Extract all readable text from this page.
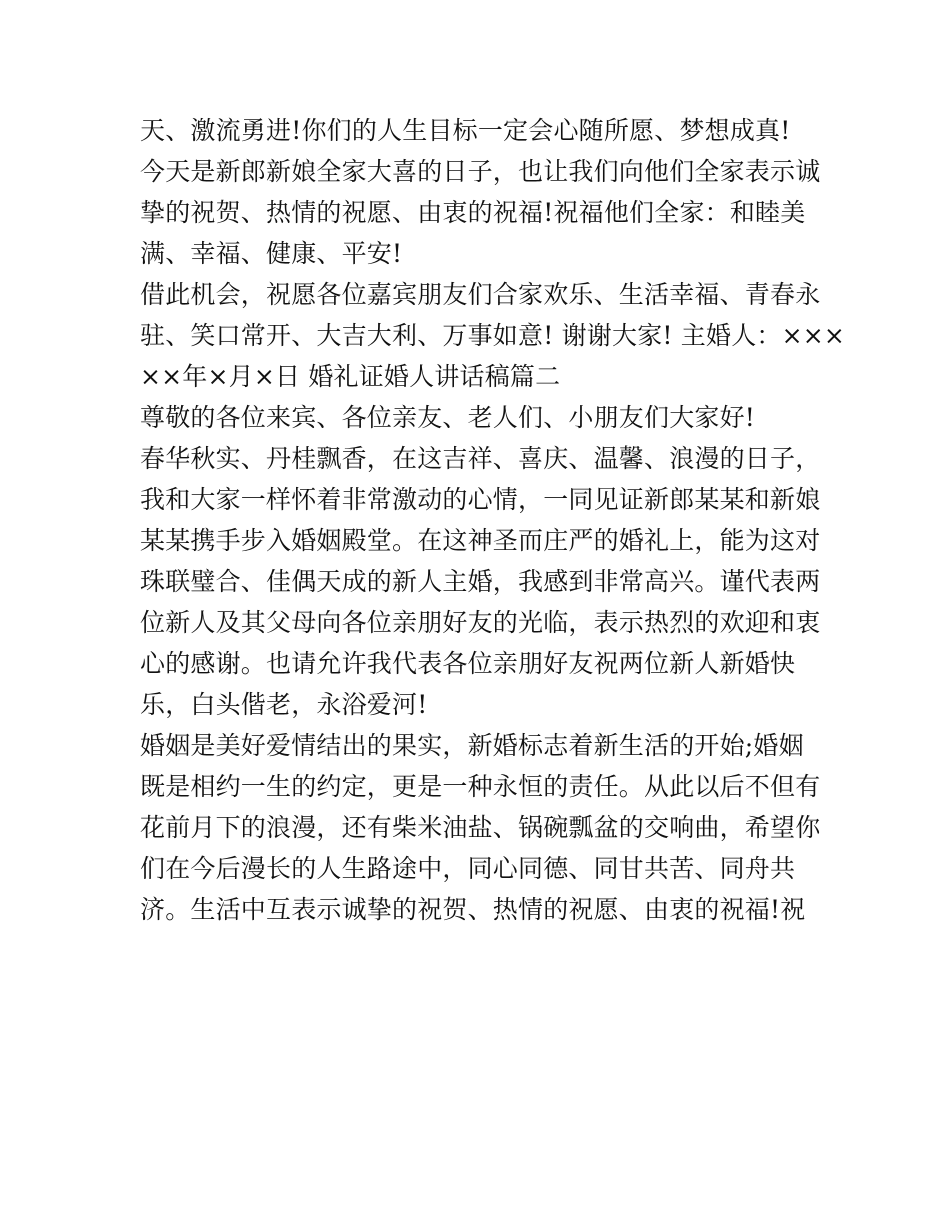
天、激流勇进!你们的人生目标一定会心随所愿、梦想成真!
今天是新郎新娘全家大喜的日子，也让我们向他们全家表示诚
挚的祝贺、热情的祝愿、由衷的祝福!祝福他们全家：和睦美
满、幸福、健康、平安!
借此机会，祝愿各位嘉宾朋友们合家欢乐、生活幸福、青春永
驻、笑口常开、大吉大利、万事如意! 谢谢大家! 主婚人：×××
××年×月×日 婚礼证婚人讲话稿篇二
尊敬的各位来宾、各位亲友、老人们、小朋友们大家好!
春华秋实、丹桂飘香，在这吉祥、喜庆、温馨、浪漫的日子，
我和大家一样怀着非常激动的心情，一同见证新郎某某和新娘
某某携手步入婚姻殿堂。在这神圣而庄严的婚礼上，能为这对
珠联璧合、佳偶天成的新人主婚，我感到非常高兴。谨代表两
位新人及其父母向各位亲朋好友的光临，表示热烈的欢迎和衷
心的感谢。也请允许我代表各位亲朋好友祝两位新人新婚快
乐，白头偕老，永浴爱河!
婚姻是美好爱情结出的果实，新婚标志着新生活的开始;婚姻
既是相约一生的约定，更是一种永恒的责任。从此以后不但有
花前月下的浪漫，还有柴米油盐、锅碗瓢盆的交响曲，希望你
们在今后漫长的人生路途中，同心同德、同甘共苦、同舟共
济。生活中互表示诚挚的祝贺、热情的祝愿、由衷的祝福!祝
